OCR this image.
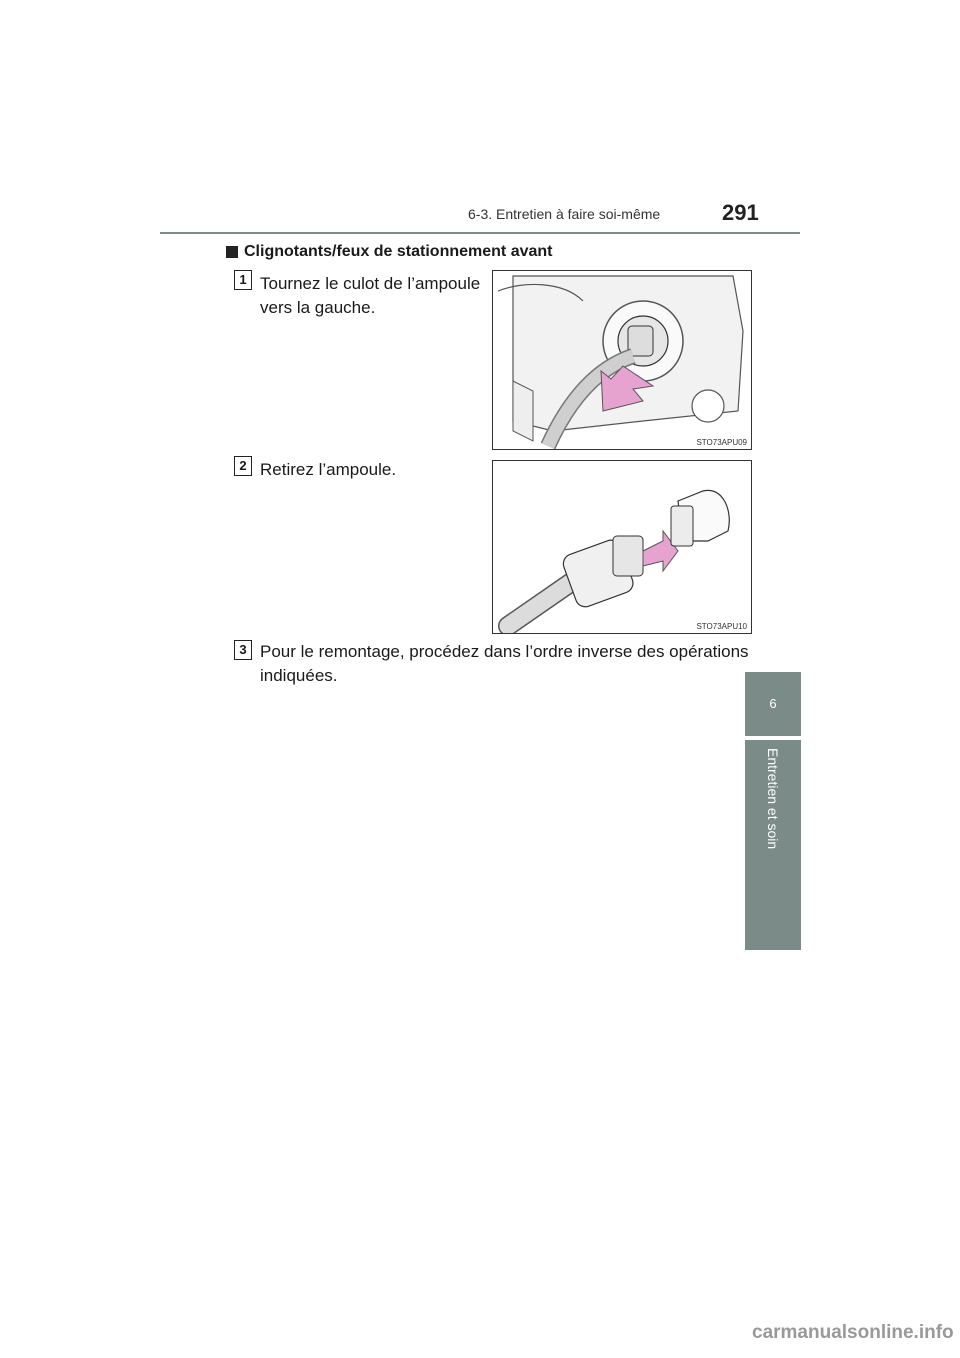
6-3. Entretien à faire soi-même	291
6
Entretien et soin
Clignotants/feux de stationnement avant
1 Tournez le culot de l’ampoule
vers la gauche.
STO73APU09
2 Retirez l’ampoule.
STO73APU10
3 Pour le remontage, procédez dans l’ordre inverse des opérations
indiquées.
carmanualsonline.info
